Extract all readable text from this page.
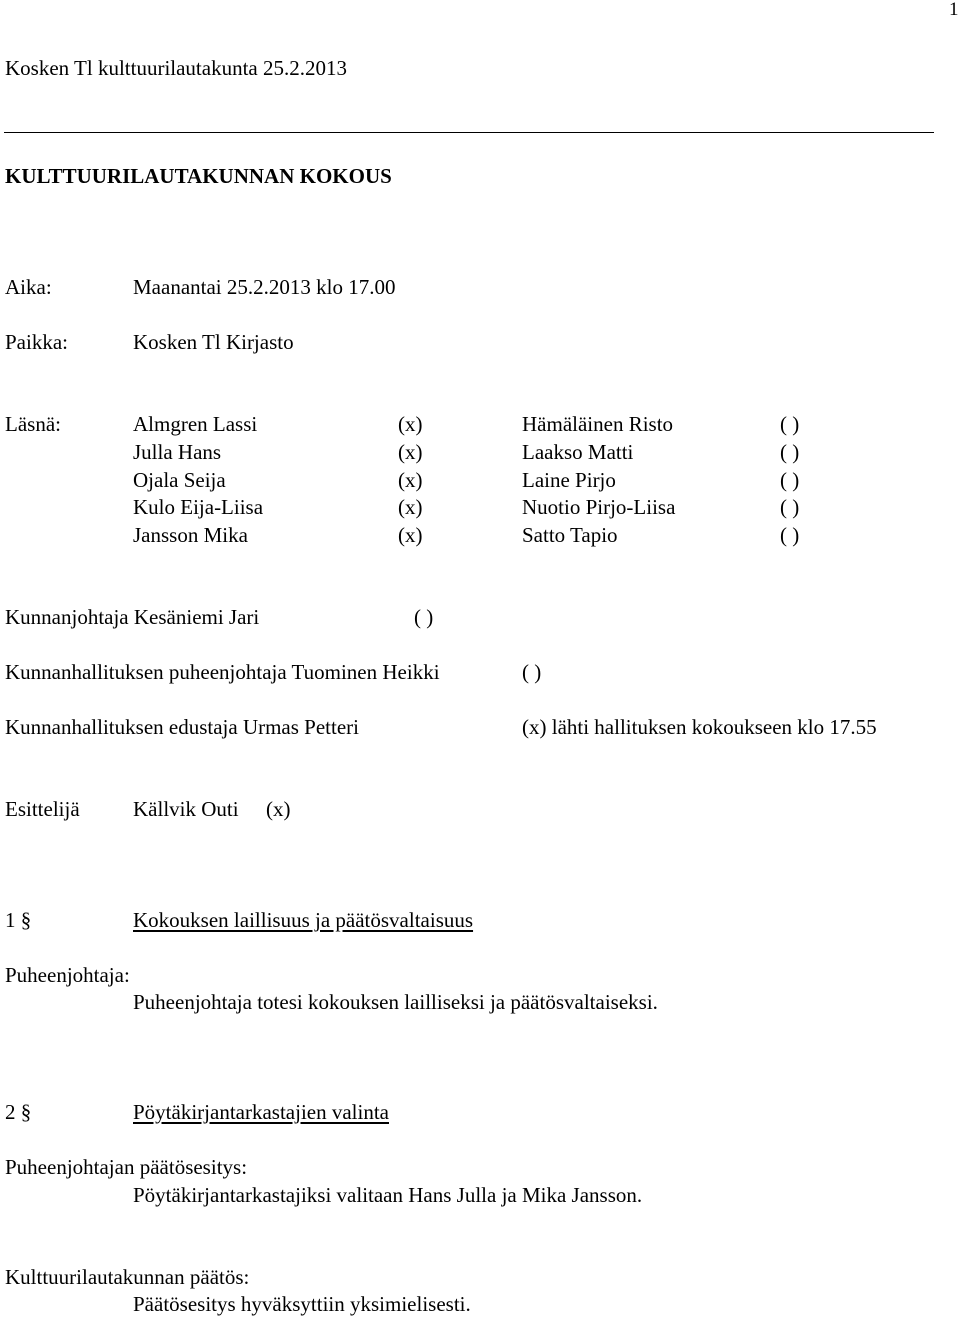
1
Kosken Tl kulttuurilautakunta 25.2.2013
KULTTUURILAUTAKUNNAN KOKOUS
Aika:	Maanantai 25.2.2013 klo 17.00
Paikka:	Kosken Tl Kirjasto
Läsnä:	Almgren Lassi	(x)	Hämäläinen Risto	( )
Julla Hans	(x)	Laakso Matti	( )
Ojala Seija	(x)	Laine Pirjo	( )
Kulo Eija-Liisa	(x)	Nuotio Pirjo-Liisa	( )
Jansson Mika	(x)	Satto Tapio	( )
Kunnanjohtaja Kesäniemi Jari	( )
Kunnanhallituksen puheenjohtaja Tuominen Heikki	( )
Kunnanhallituksen edustaja Urmas Petteri	(x) lähti hallituksen kokoukseen klo 17.55
Esittelijä	Källvik Outi (x)
1 §	Kokouksen laillisuus ja päätösvaltaisuus
Puheenjohtaja:
Puheenjohtaja totesi kokouksen lailliseksi ja päätösvaltaiseksi.
2 §	Pöytäkirjantarkastajien valinta
Puheenjohtajan päätösesitys:
Pöytäkirjantarkastajiksi valitaan Hans Julla ja Mika Jansson.
Kulttuurilautakunnan päätös:
Päätösesitys hyväksyttiin yksimielisesti.
